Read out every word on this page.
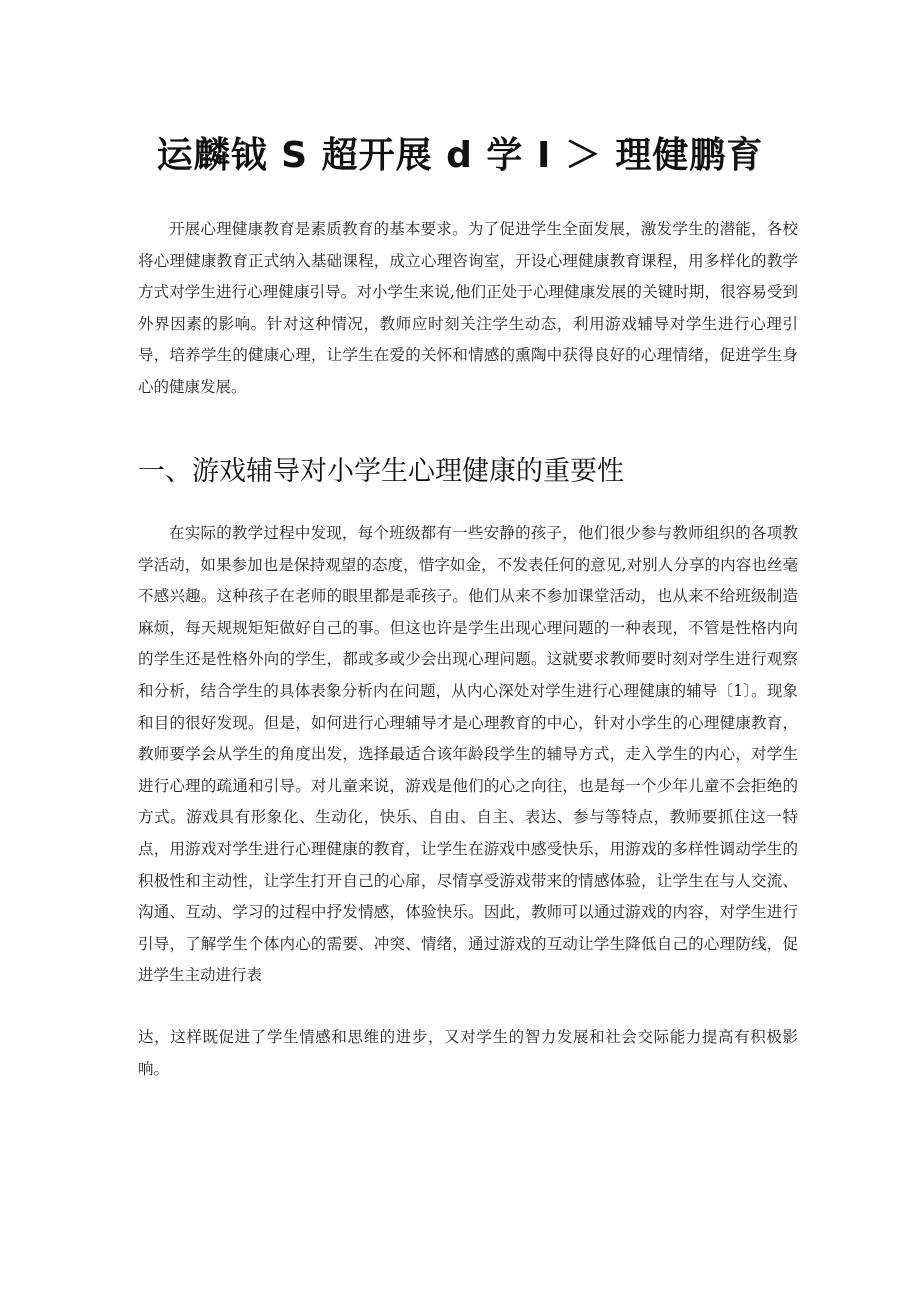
运麟钺 S 超开展 d 学 I ＞ 理健鹏育

开展心理健康教育是素质教育的基本要求。为了促进学生全面发展，激发学生的潜能，各校将心理健康教育正式纳入基础课程，成立心理咨询室，开设心理健康教育课程，用多样化的教学方式对学生进行心理健康引导。对小学生来说,他们正处于心理健康发展的关键时期，很容易受到外界因素的影响。针对这种情况，教师应时刻关注学生动态，利用游戏辅导对学生进行心理引导，培养学生的健康心理，让学生在爱的关怀和情感的熏陶中获得良好的心理情绪，促进学生身心的健康发展。

一、游戏辅导对小学生心理健康的重要性

在实际的教学过程中发现，每个班级都有一些安静的孩子，他们很少参与教师组织的各项教学活动，如果参加也是保持观望的态度，惜字如金，不发表任何的意见,对别人分享的内容也丝毫不感兴趣。这种孩子在老师的眼里都是乖孩子。他们从来不参加课堂活动，也从来不给班级制造麻烦，每天规规矩矩做好自己的事。但这也许是学生出现心理问题的一种表现，不管是性格内向的学生还是性格外向的学生，都或多或少会出现心理问题。这就要求教师要时刻对学生进行观察和分析，结合学生的具体表象分析内在问题，从内心深处对学生进行心理健康的辅导〔1〕。现象和目的很好发现。但是，如何进行心理辅导才是心理教育的中心，针对小学生的心理健康教育，教师要学会从学生的角度出发，选择最适合该年龄段学生的辅导方式，走入学生的内心，对学生进行心理的疏通和引导。对儿童来说，游戏是他们的心之向往，也是每一个少年儿童不会拒绝的方式。游戏具有形象化、生动化，快乐、自由、自主、表达、参与等特点，教师要抓住这一特点，用游戏对学生进行心理健康的教育，让学生在游戏中感受快乐，用游戏的多样性调动学生的积极性和主动性，让学生打开自己的心扉，尽情享受游戏带来的情感体验，让学生在与人交流、沟通、互动、学习的过程中抒发情感，体验快乐。因此，教师可以通过游戏的内容，对学生进行引导，了解学生个体内心的需要、冲突、情绪，通过游戏的互动让学生降低自己的心理防线，促进学生主动进行表

达，这样既促进了学生情感和思维的进步，又对学生的智力发展和社会交际能力提高有积极影响。
